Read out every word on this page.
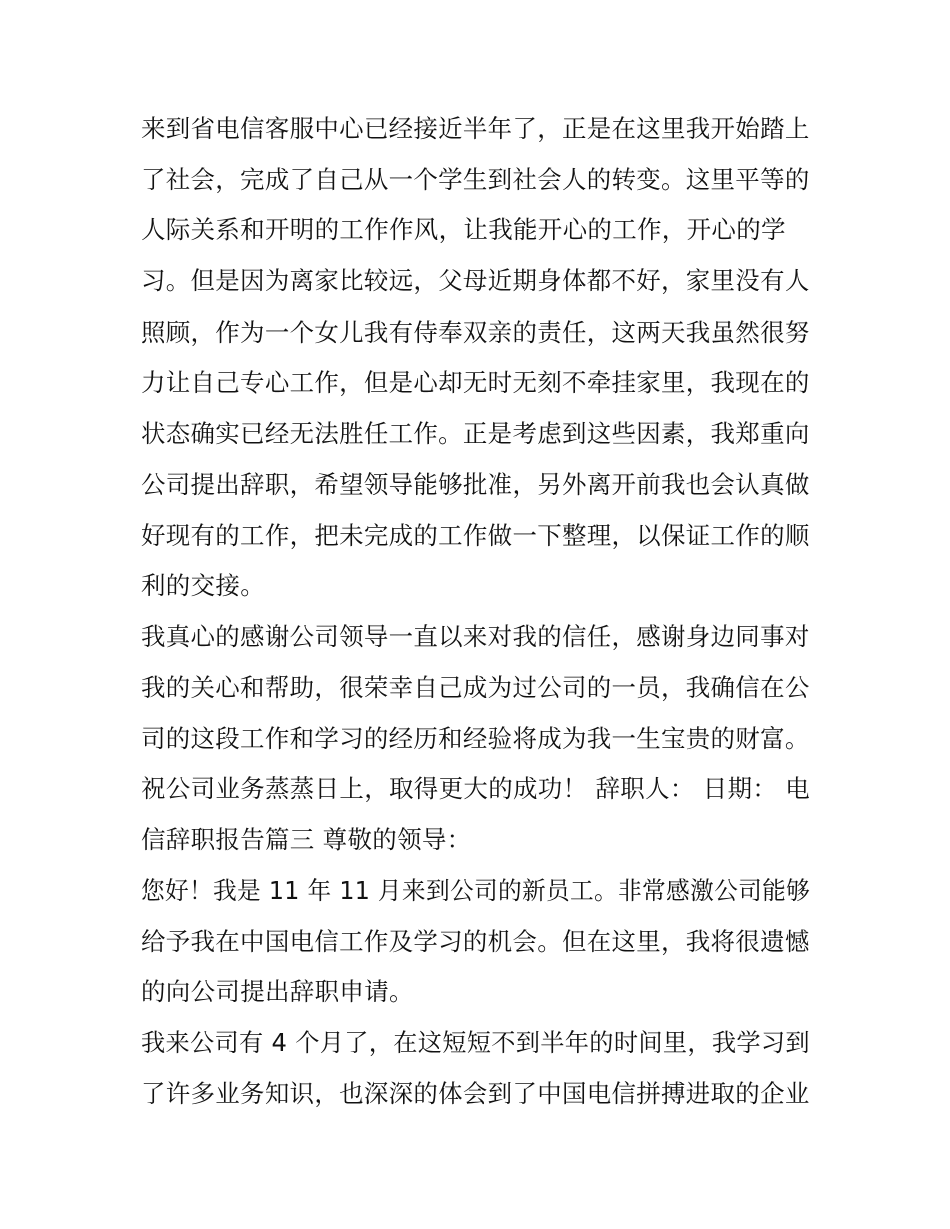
来到省电信客服中心已经接近半年了，正是在这里我开始踏上
了社会，完成了自己从一个学生到社会人的转变。这里平等的
人际关系和开明的工作作风，让我能开心的工作，开心的学
习。但是因为离家比较远，父母近期身体都不好，家里没有人
照顾，作为一个女儿我有侍奉双亲的责任，这两天我虽然很努
力让自己专心工作，但是心却无时无刻不牵挂家里，我现在的
状态确实已经无法胜任工作。正是考虑到这些因素，我郑重向
公司提出辞职，希望领导能够批准，另外离开前我也会认真做
好现有的工作，把未完成的工作做一下整理，以保证工作的顺
利的交接。
我真心的感谢公司领导一直以来对我的信任，感谢身边同事对
我的关心和帮助，很荣幸自己成为过公司的一员，我确信在公
司的这段工作和学习的经历和经验将成为我一生宝贵的财富。
祝公司业务蒸蒸日上，取得更大的成功！ 辞职人： 日期： 电
信辞职报告篇三 尊敬的领导：
您好！我是 11 年 11 月来到公司的新员工。非常感激公司能够
给予我在中国电信工作及学习的机会。但在这里，我将很遗憾
的向公司提出辞职申请。
我来公司有 4 个月了，在这短短不到半年的时间里，我学习到
了许多业务知识，也深深的体会到了中国电信拼搏进取的企业
